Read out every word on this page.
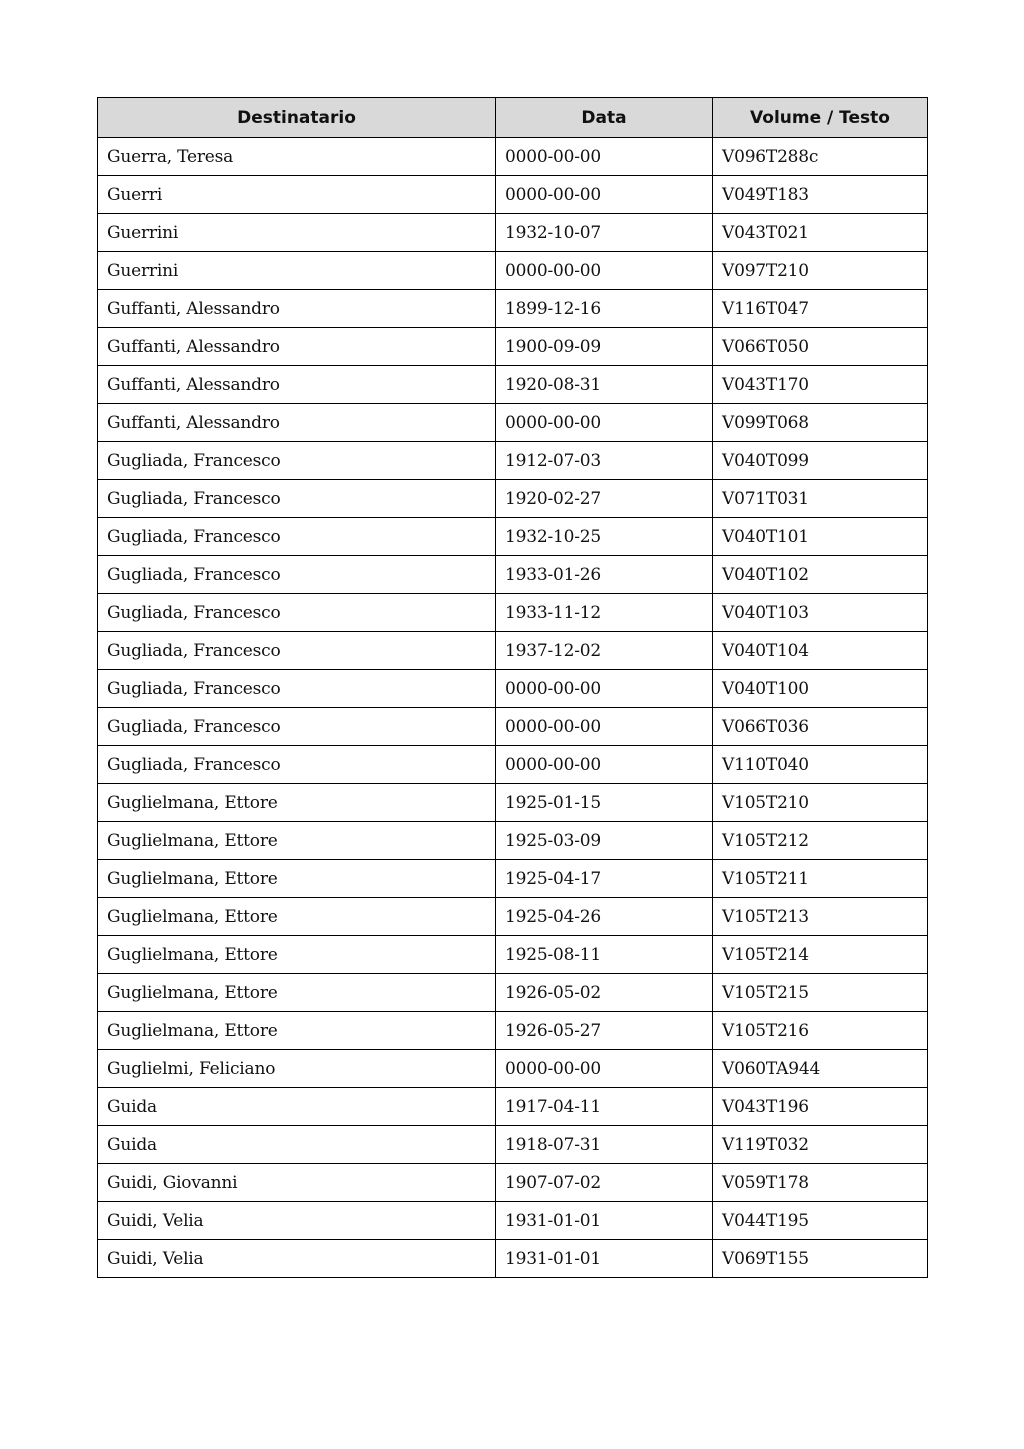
Destinatario	Data	Volume / Testo
Guerra, Teresa	0000-00-00	V096T288c
Guerri	0000-00-00	V049T183
Guerrini	1932-10-07	V043T021
Guerrini	0000-00-00	V097T210
Guffanti, Alessandro	1899-12-16	V116T047
Guffanti, Alessandro	1900-09-09	V066T050
Guffanti, Alessandro	1920-08-31	V043T170
Guffanti, Alessandro	0000-00-00	V099T068
Gugliada, Francesco	1912-07-03	V040T099
Gugliada, Francesco	1920-02-27	V071T031
Gugliada, Francesco	1932-10-25	V040T101
Gugliada, Francesco	1933-01-26	V040T102
Gugliada, Francesco	1933-11-12	V040T103
Gugliada, Francesco	1937-12-02	V040T104
Gugliada, Francesco	0000-00-00	V040T100
Gugliada, Francesco	0000-00-00	V066T036
Gugliada, Francesco	0000-00-00	V110T040
Guglielmana, Ettore	1925-01-15	V105T210
Guglielmana, Ettore	1925-03-09	V105T212
Guglielmana, Ettore	1925-04-17	V105T211
Guglielmana, Ettore	1925-04-26	V105T213
Guglielmana, Ettore	1925-08-11	V105T214
Guglielmana, Ettore	1926-05-02	V105T215
Guglielmana, Ettore	1926-05-27	V105T216
Guglielmi, Feliciano	0000-00-00	V060TA944
Guida	1917-04-11	V043T196
Guida	1918-07-31	V119T032
Guidi, Giovanni	1907-07-02	V059T178
Guidi, Velia	1931-01-01	V044T195
Guidi, Velia	1931-01-01	V069T155
